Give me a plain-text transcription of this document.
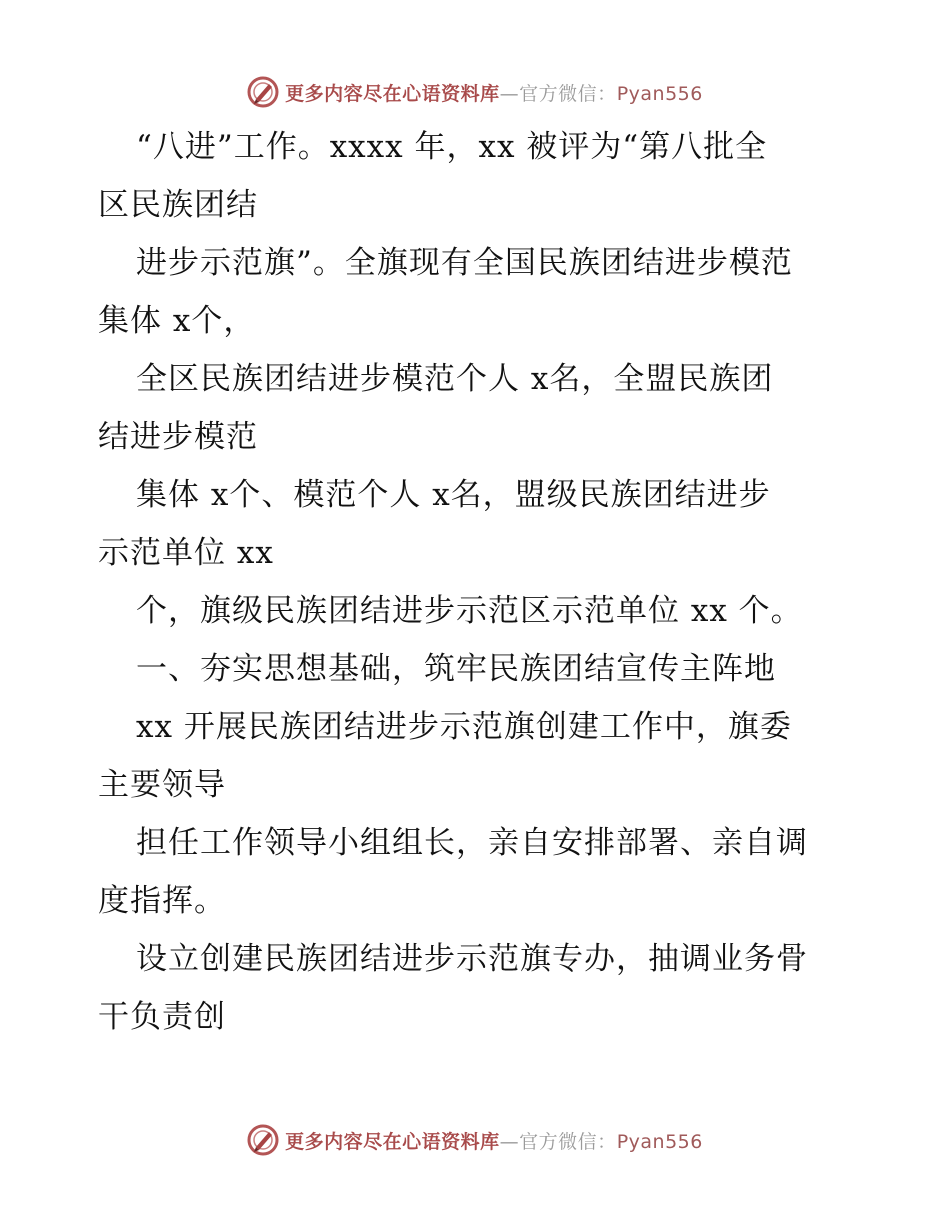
更多内容尽在心语资料库—官方微信：Pyan556
“八进”工作。xxxx 年，xx 被评为“第八批全
区民族团结
进步示范旗”。全旗现有全国民族团结进步模范
集体 x个，
全区民族团结进步模范个人 x名，全盟民族团
结进步模范
集体 x个、模范个人 x名，盟级民族团结进步
示范单位 xx
个，旗级民族团结进步示范区示范单位 xx 个。
一、夯实思想基础，筑牢民族团结宣传主阵地
xx 开展民族团结进步示范旗创建工作中，旗委
主要领导
担任工作领导小组组长，亲自安排部署、亲自调
度指挥。
设立创建民族团结进步示范旗专办，抽调业务骨
干负责创
更多内容尽在心语资料库—官方微信：Pyan556
